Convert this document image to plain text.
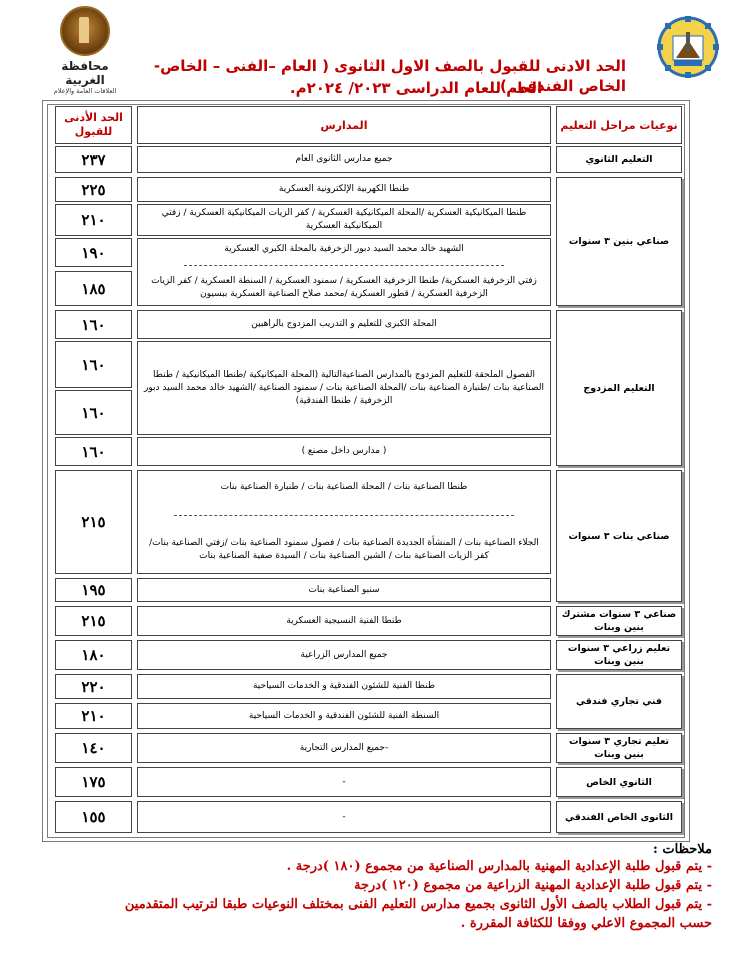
محافظة الغربية
العلاقات العامة والإعلام
الحد الادنى للقبول بالصف الاول الثانوى ( العام –الفنى – الخاص- الخاص الفندقى )
العام للعام الدراسى ٢٠٢٣/ ٢٠٢٤م.
نوعيات مراحل التعليم
المدارس
الحد الأدنى
للقبول
التعليم الثانوي
جميع مدارس الثانوى العام
٢٣٧
صناعي بنين ٣ سنوات
طنطا الكهربية الإلكترونية العسكرية
٢٢٥
طنطا الميكانيكية العسكرية /المحلة الميكانيكية العسكرية / كفر الزيات الميكانيكية العسكرية / زفتي الميكانيكية العسكرية
٢١٠
الشهيد خالد محمد السيد دبور الزخرفية بالمحلة الكبري العسكرية
زفتي الزخرفية العسكرية/ طنطا الزخرفية العسكرية / سمنود العسكرية / السنطة العسكرية / كفر الزيات الزخرفية العسكرية / قطور العسكرية /محمد صلاح الصناعية العسكرية ببسيون
١٩٠
١٨٥
التعليم المزدوج
المحلة الكبرى للتعليم و التدريب المزدوج بالراهبين
١٦٠
الفصول الملحقة للتعليم المزدوج بالمدارس الصناعيةالتالية (المحلة الميكانيكية /طنطا الميكانيكية / طنطا الصناعية بنات /طنبارة الصناعية بنات /المحلة الصناعية بنات / سمنود الصناعية /الشهيد خالد محمد السيد دبور الزخرفية / طنطا الفندقية)
١٦٠
١٦٠
( مدارس داخل مصنع )
١٦٠
صناعي بنات ٣ سنوات
طنطا الصناعية بنات / المحلة الصناعية بنات / طنبارة الصناعية بنات
الجلاء الصناعية بنات / المنشأة الجديدة الصناعية بنات / فصول سمنود الصناعية بنات /زفتي الصناعية بنات/ كفر الزيات الصناعية بنات / الشين الصناعية بنات / السيدة صفية الصناعية بنات
٢١٥
سنبو الصناعية بنات
١٩٥
صناعي ٣ سنوات مشترك بنين وبنات
طنطا الفنية النسيجية العسكرية
٢١٥
تعليم زراعي ٣ سنوات بنين وبنات
جميع المدارس الزراعية
١٨٠
فني تجاري فندقي
طنطا الفنية للشئون الفندقية و الخدمات السياحية
٢٢٠
السنطة الفنية للشئون الفندقية و الخدمات السياحية
٢١٠
تعليم تجاري ٣ سنوات بنين وبنات
-جميع المدارس التجارية
١٤٠
الثانوي الخاص
-
١٧٥
الثانوى الخاص الفندقي
-
١٥٥
ملاحظات :
- يتم قبول طلبة الإعدادية المهنية بالمدارس الصناعية من مجموع (١٨٠ )درجة .
- يتم قبول طلبة الإعدادية المهنية الزراعية من مجموع (١٢٠ )درجة
- يتم قبول الطلاب بالصف الأول الثانوى بجميع مدارس التعليم الفنى بمختلف النوعيات طبقا لترتيب المتقدمين
حسب المجموع الاعلي ووفقا للكثافة المقررة .
